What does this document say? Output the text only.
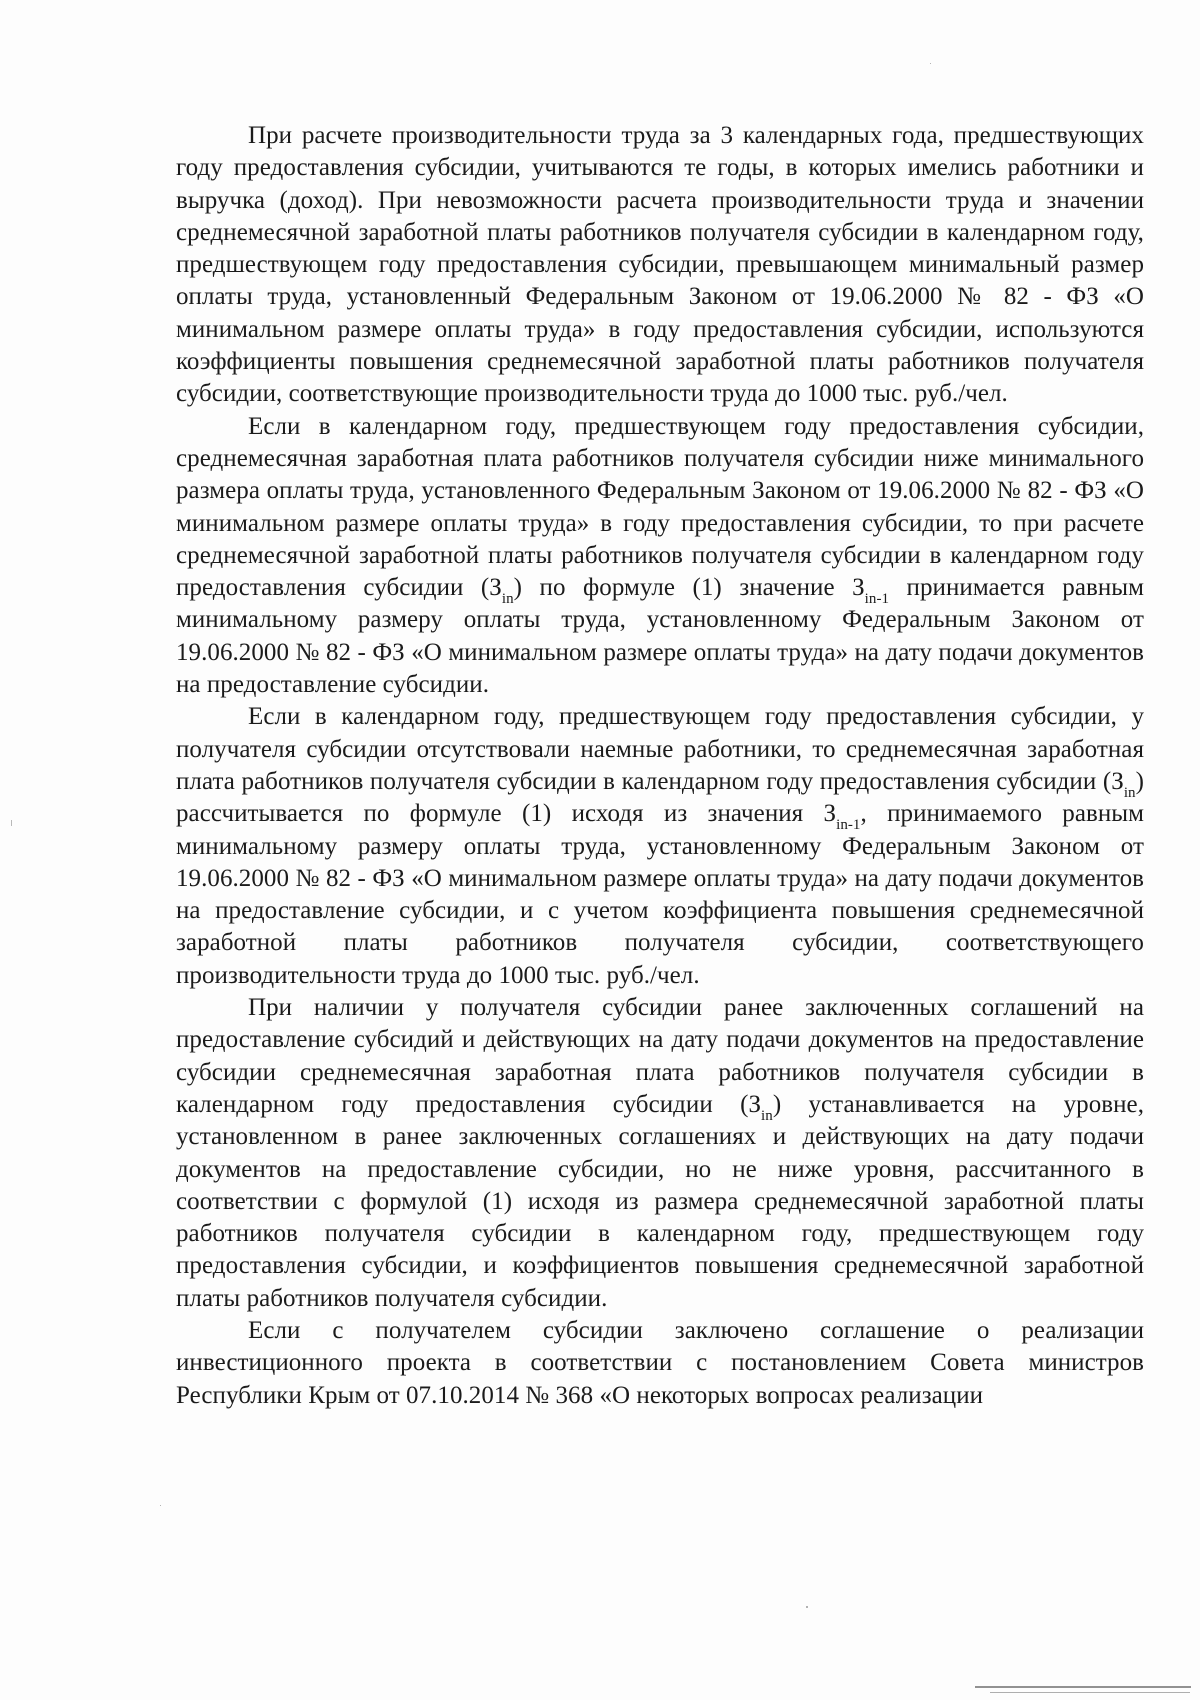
При расчете производительности труда за 3 календарных года, предшествующих году предоставления субсидии, учитываются те годы, в которых имелись работники и выручка (доход). При невозможности расчета производительности труда и значении среднемесячной заработной платы работников получателя субсидии в календарном году, предшествующем году предоставления субсидии, превышающем минимальный размер оплаты труда, установленный Федеральным Законом от 19.06.2000 № 82 - ФЗ «О минимальном размере оплаты труда» в году предоставления субсидии, используются коэффициенты повышения среднемесячной заработной платы работников получателя субсидии, соответствующие производительности труда до 1000 тыс. руб./чел.

Если в календарном году, предшествующем году предоставления субсидии, среднемесячная заработная плата работников получателя субсидии ниже минимального размера оплаты труда, установленного Федеральным Законом от 19.06.2000 № 82 - ФЗ «О минимальном размере оплаты труда» в году предоставления субсидии, то при расчете среднемесячной заработной платы работников получателя субсидии в календарном году предоставления субсидии $(З_{in})$ по формуле (1) значение $З_{in-1}$ принимается равным минимальному размеру оплаты труда, установленному Федеральным Законом от 19.06.2000 № 82 - ФЗ «О минимальном размере оплаты труда» на дату подачи документов на предоставление субсидии.

Если в календарном году, предшествующем году предоставления субсидии, у получателя субсидии отсутствовали наемные работники, то среднемесячная заработная плата работников получателя субсидии в календарном году предоставления субсидии $(З_{in})$ рассчитывается по формуле (1) исходя из значения $З_{in-1}$, принимаемого равным минимальному размеру оплаты труда, установленному Федеральным Законом от 19.06.2000 № 82 - ФЗ «О минимальном размере оплаты труда» на дату подачи документов на предоставление субсидии, и с учетом коэффициента повышения среднемесячной заработной платы работников получателя субсидии, соответствующего производительности труда до 1000 тыс. руб./чел.

При наличии у получателя субсидии ранее заключенных соглашений на предоставление субсидий и действующих на дату подачи документов на предоставление субсидии среднемесячная заработная плата работников получателя субсидии в календарном году предоставления субсидии $(З_{in})$ устанавливается на уровне, установленном в ранее заключенных соглашениях и действующих на дату подачи документов на предоставление субсидии, но не ниже уровня, рассчитанного в соответствии с формулой (1) исходя из размера среднемесячной заработной платы работников получателя субсидии в календарном году, предшествующем году предоставления субсидии, и коэффициентов повышения среднемесячной заработной платы работников получателя субсидии.

Если с получателем субсидии заключено соглашение о реализации инвестиционного проекта в соответствии с постановлением Совета министров Республики Крым от 07.10.2014 № 368 «О некоторых вопросах реализации
